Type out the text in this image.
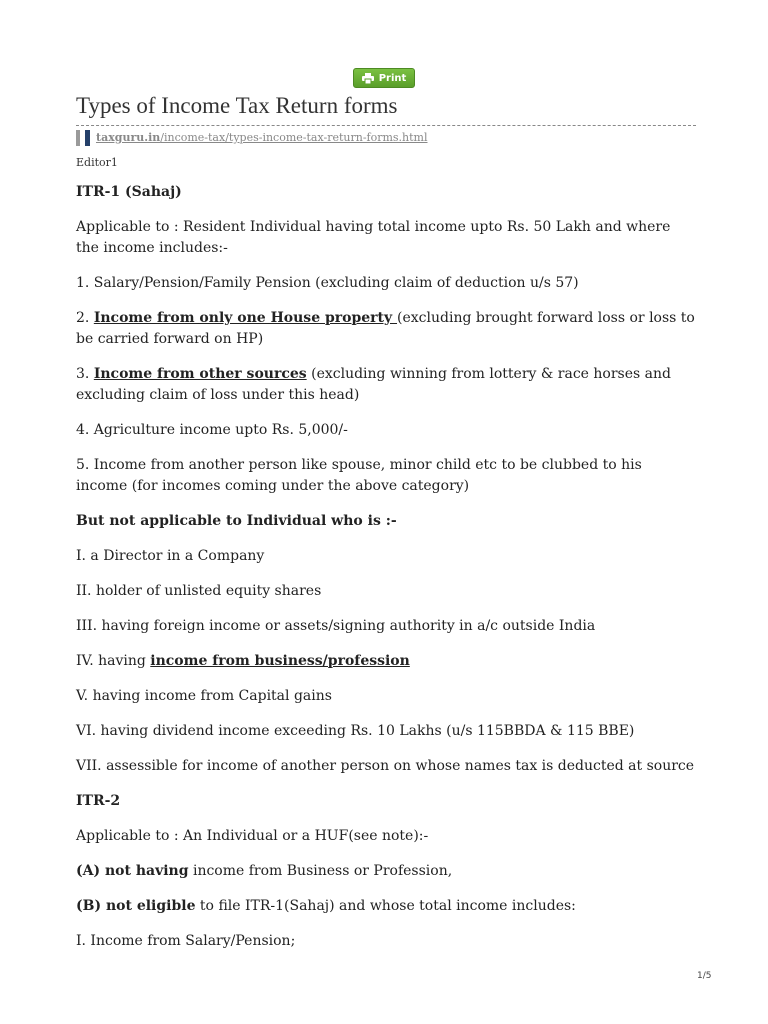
Print
Types of Income Tax Return forms
taxguru.in/income-tax/types-income-tax-return-forms.html
Editor1

ITR-1 (Sahaj)

Applicable to : Resident Individual having total income upto Rs. 50 Lakh and where the income includes:-

1. Salary/Pension/Family Pension (excluding claim of deduction u/s 57)

2. Income from only one House property (excluding brought forward loss or loss to be carried forward on HP)

3. Income from other sources (excluding winning from lottery & race horses and excluding claim of loss under this head)

4. Agriculture income upto Rs. 5,000/-

5. Income from another person like spouse, minor child etc to be clubbed to his income (for incomes coming under the above category)

But not applicable to Individual who is :-

I. a Director in a Company

II. holder of unlisted equity shares

III. having foreign income or assets/signing authority in a/c outside India

IV. having income from business/profession

V. having income from Capital gains

VI. having dividend income exceeding Rs. 10 Lakhs (u/s 115BBDA & 115 BBE)

VII. assessible for income of another person on whose names tax is deducted at source

ITR-2

Applicable to : An Individual or a HUF(see note):-

(A) not having income from Business or Profession,

(B) not eligible to file ITR-1(Sahaj) and whose total income includes:

I. Income from Salary/Pension;

1/5
